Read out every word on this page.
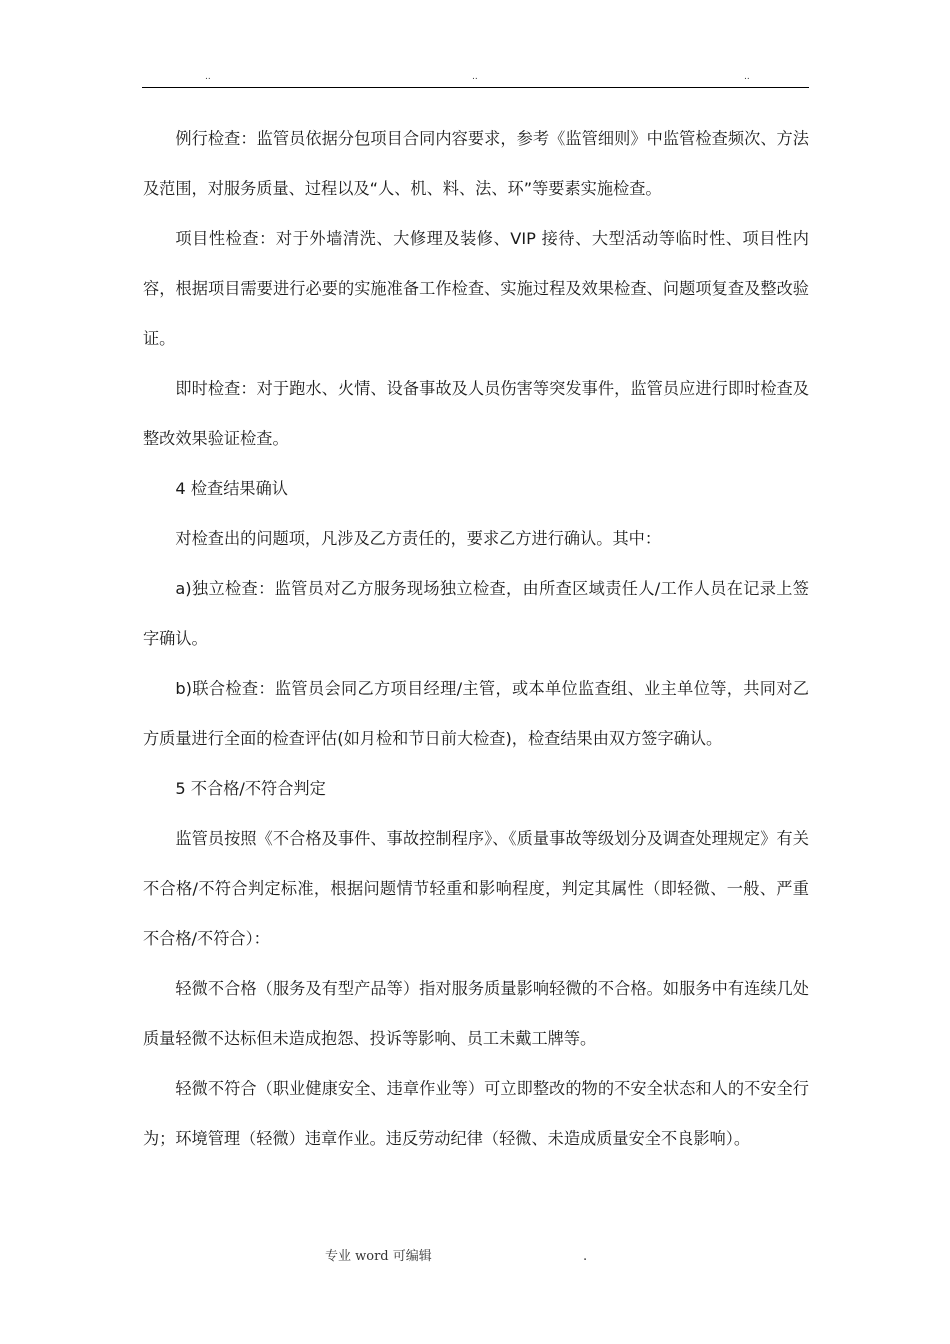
..	..	..

例行检查：监管员依据分包项目合同内容要求，参考《监管细则》中监管检查频次、方法及范围，对服务质量、过程以及“人、机、料、法、环”等要素实施检查。

项目性检查：对于外墙清洗、大修理及装修、VIP 接待、大型活动等临时性、项目性内容，根据项目需要进行必要的实施准备工作检查、实施过程及效果检查、问题项复查及整改验证。

即时检查：对于跑水、火情、设备事故及人员伤害等突发事件，监管员应进行即时检查及整改效果验证检查。

4 检查结果确认

对检查出的问题项，凡涉及乙方责任的，要求乙方进行确认。其中：

a)独立检查：监管员对乙方服务现场独立检查，由所查区域责任人/工作人员在记录上签字确认。

b)联合检查：监管员会同乙方项目经理/主管，或本单位监查组、业主单位等，共同对乙方质量进行全面的检查评估(如月检和节日前大检查)，检查结果由双方签字确认。

5 不合格/不符合判定

监管员按照《不合格及事件、事故控制程序》、《质量事故等级划分及调查处理规定》有关不合格/不符合判定标准，根据问题情节轻重和影响程度，判定其属性（即轻微、一般、严重不合格/不符合）：

轻微不合格（服务及有型产品等）指对服务质量影响轻微的不合格。如服务中有连续几处质量轻微不达标但未造成抱怨、投诉等影响、员工未戴工牌等。

轻微不符合（职业健康安全、违章作业等）可立即整改的物的不安全状态和人的不安全行为；环境管理（轻微）违章作业。违反劳动纪律（轻微、未造成质量安全不良影响）。

专业 word 可编辑	.
